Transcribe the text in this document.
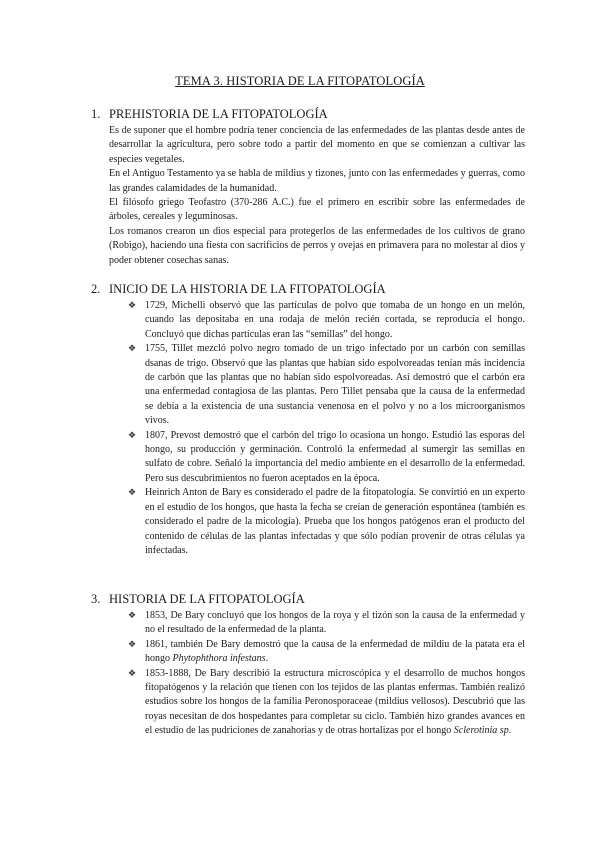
TEMA 3. HISTORIA DE LA FITOPATOLOGÍA
1. PREHISTORIA DE LA FITOPATOLOGÍA

Es de suponer que el hombre podría tener conciencia de las enfermedades de las plantas desde antes de desarrollar la agricultura, pero sobre todo a partir del momento en que se comienzan a cultivar las especies vegetales.

En el Antiguo Testamento ya se habla de mildius y tizones, junto con las enfermedades y guerras, como las grandes calamidades de la humanidad.

El filósofo griego Teofastro (370-286 A.C.) fue el primero en escribir sobre las enfermedades de árboles, cereales y leguminosas.

Los romanos crearon un dios especial para protegerlos de las enfermedades de los cultivos de grano (Robigo), haciendo una fiesta con sacrificios de perros y ovejas en primavera para no molestar al dios y poder obtener cosechas sanas.

2. INICIO DE LA HISTORIA DE LA FITOPATOLOGÍA
❖ 1729, Michelli observó que las partículas de polvo que tomaba de un hongo en un melón, cuando las depositaba en una rodaja de melón recién cortada, se reproducía el hongo. Concluyó que dichas partículas eran las “semillas” del hongo.
❖ 1755, Tillet mezcló polvo negro tomado de un trigo infectado por un carbón con semillas dsanas de trigo. Observó que las plantas que habían sido espolvoreadas tenían más incidencia de carbón que las plantas que no habían sido espolvoreadas. Así demostró que el carbón era una enfermedad contagiosa de las plantas. Pero Tillet pensaba que la causa de la enfermedad se debía a la existencia de una sustancia venenosa en el polvo y no a los microorganismos vivos.
❖ 1807, Prevost demostró que el carbón del trigo lo ocasiona un hongo. Estudió las esporas del hongo, su producción y germinación. Controló la enfermedad al sumergir las semillas en sulfato de cobre. Señaló la importancia del medio ambiente en el desarrollo de la enfermedad. Pero sus descubrimientos no fueron aceptados en la época.
❖ Heinrich Anton de Bary es considerado el padre de la fitopatología. Se convirtió en un experto en el estudio de los hongos, que hasta la fecha se creían de generación espontánea (también es considerado el padre de la micología). Prueba que los hongos patógenos eran el producto del contenido de células de las plantas infectadas y que sólo podían provenir de otras células ya infectadas.
3. HISTORIA DE LA FITOPATOLOGÍA
❖ 1853, De Bary concluyó que los hongos de la roya y el tizón son la causa de la enfermedad y no el resultado de la enfermedad de la planta.
❖ 1861, también De Bary demostró que la causa de la enfermedad de mildiu de la patata era el hongo Phytophthora infestans.
❖ 1853-1888, De Bary describió la estructura microscópica y el desarrollo de muchos hongos fitopatógenos y la relación que tienen con los tejidos de las plantas enfermas. También realizó estudios sobre los hongos de la familia Peronosporaceae (mildius vellosos). Descubrió que las royas necesitan de dos hospedantes para completar su ciclo. También hizo grandes avances en el estudio de las pudriciones de zanahorias y de otras hortalizas por el hongo Sclerotinia sp.
